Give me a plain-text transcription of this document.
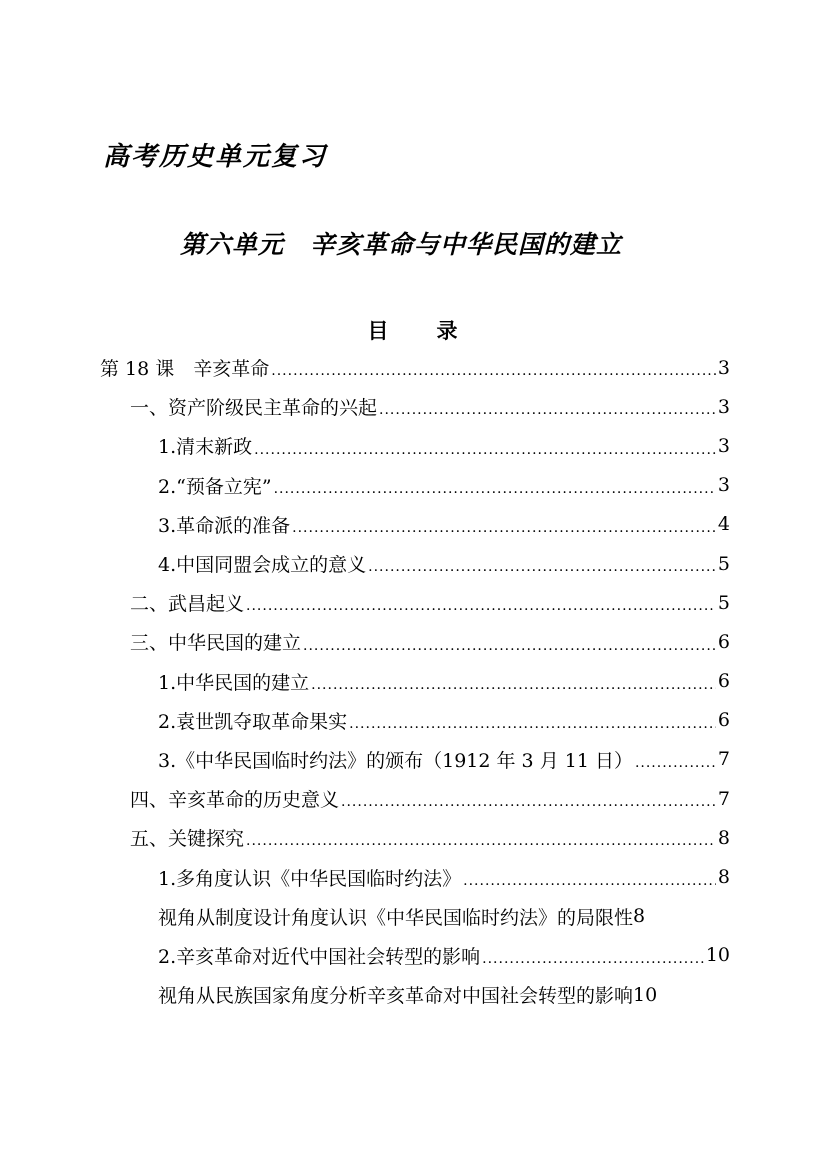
高考历史单元复习
第六单元　辛亥革命与中华民国的建立
目　　录
第 18 课　辛亥革命 .....	3
一、资产阶级民主革命的兴起 .....	3
1.清末新政 .....	3
2.“预备立宪” .....	3
3.革命派的准备 .....	4
4.中国同盟会成立的意义 .....	5
二、武昌起义 .....	5
三、中华民国的建立 .....	6
1.中华民国的建立 .....	6
2.袁世凯夺取革命果实 .....	6
3.《中华民国临时约法》的颁布（1912 年 3 月 11 日） .....	7
四、辛亥革命的历史意义 .....	7
五、关键探究 .....	8
1.多角度认识《中华民国临时约法》 .....	8
视角从制度设计角度认识《中华民国临时约法》的局限性 8
2.辛亥革命对近代中国社会转型的影响 .....	10
视角从民族国家角度分析辛亥革命对中国社会转型的影响 10
